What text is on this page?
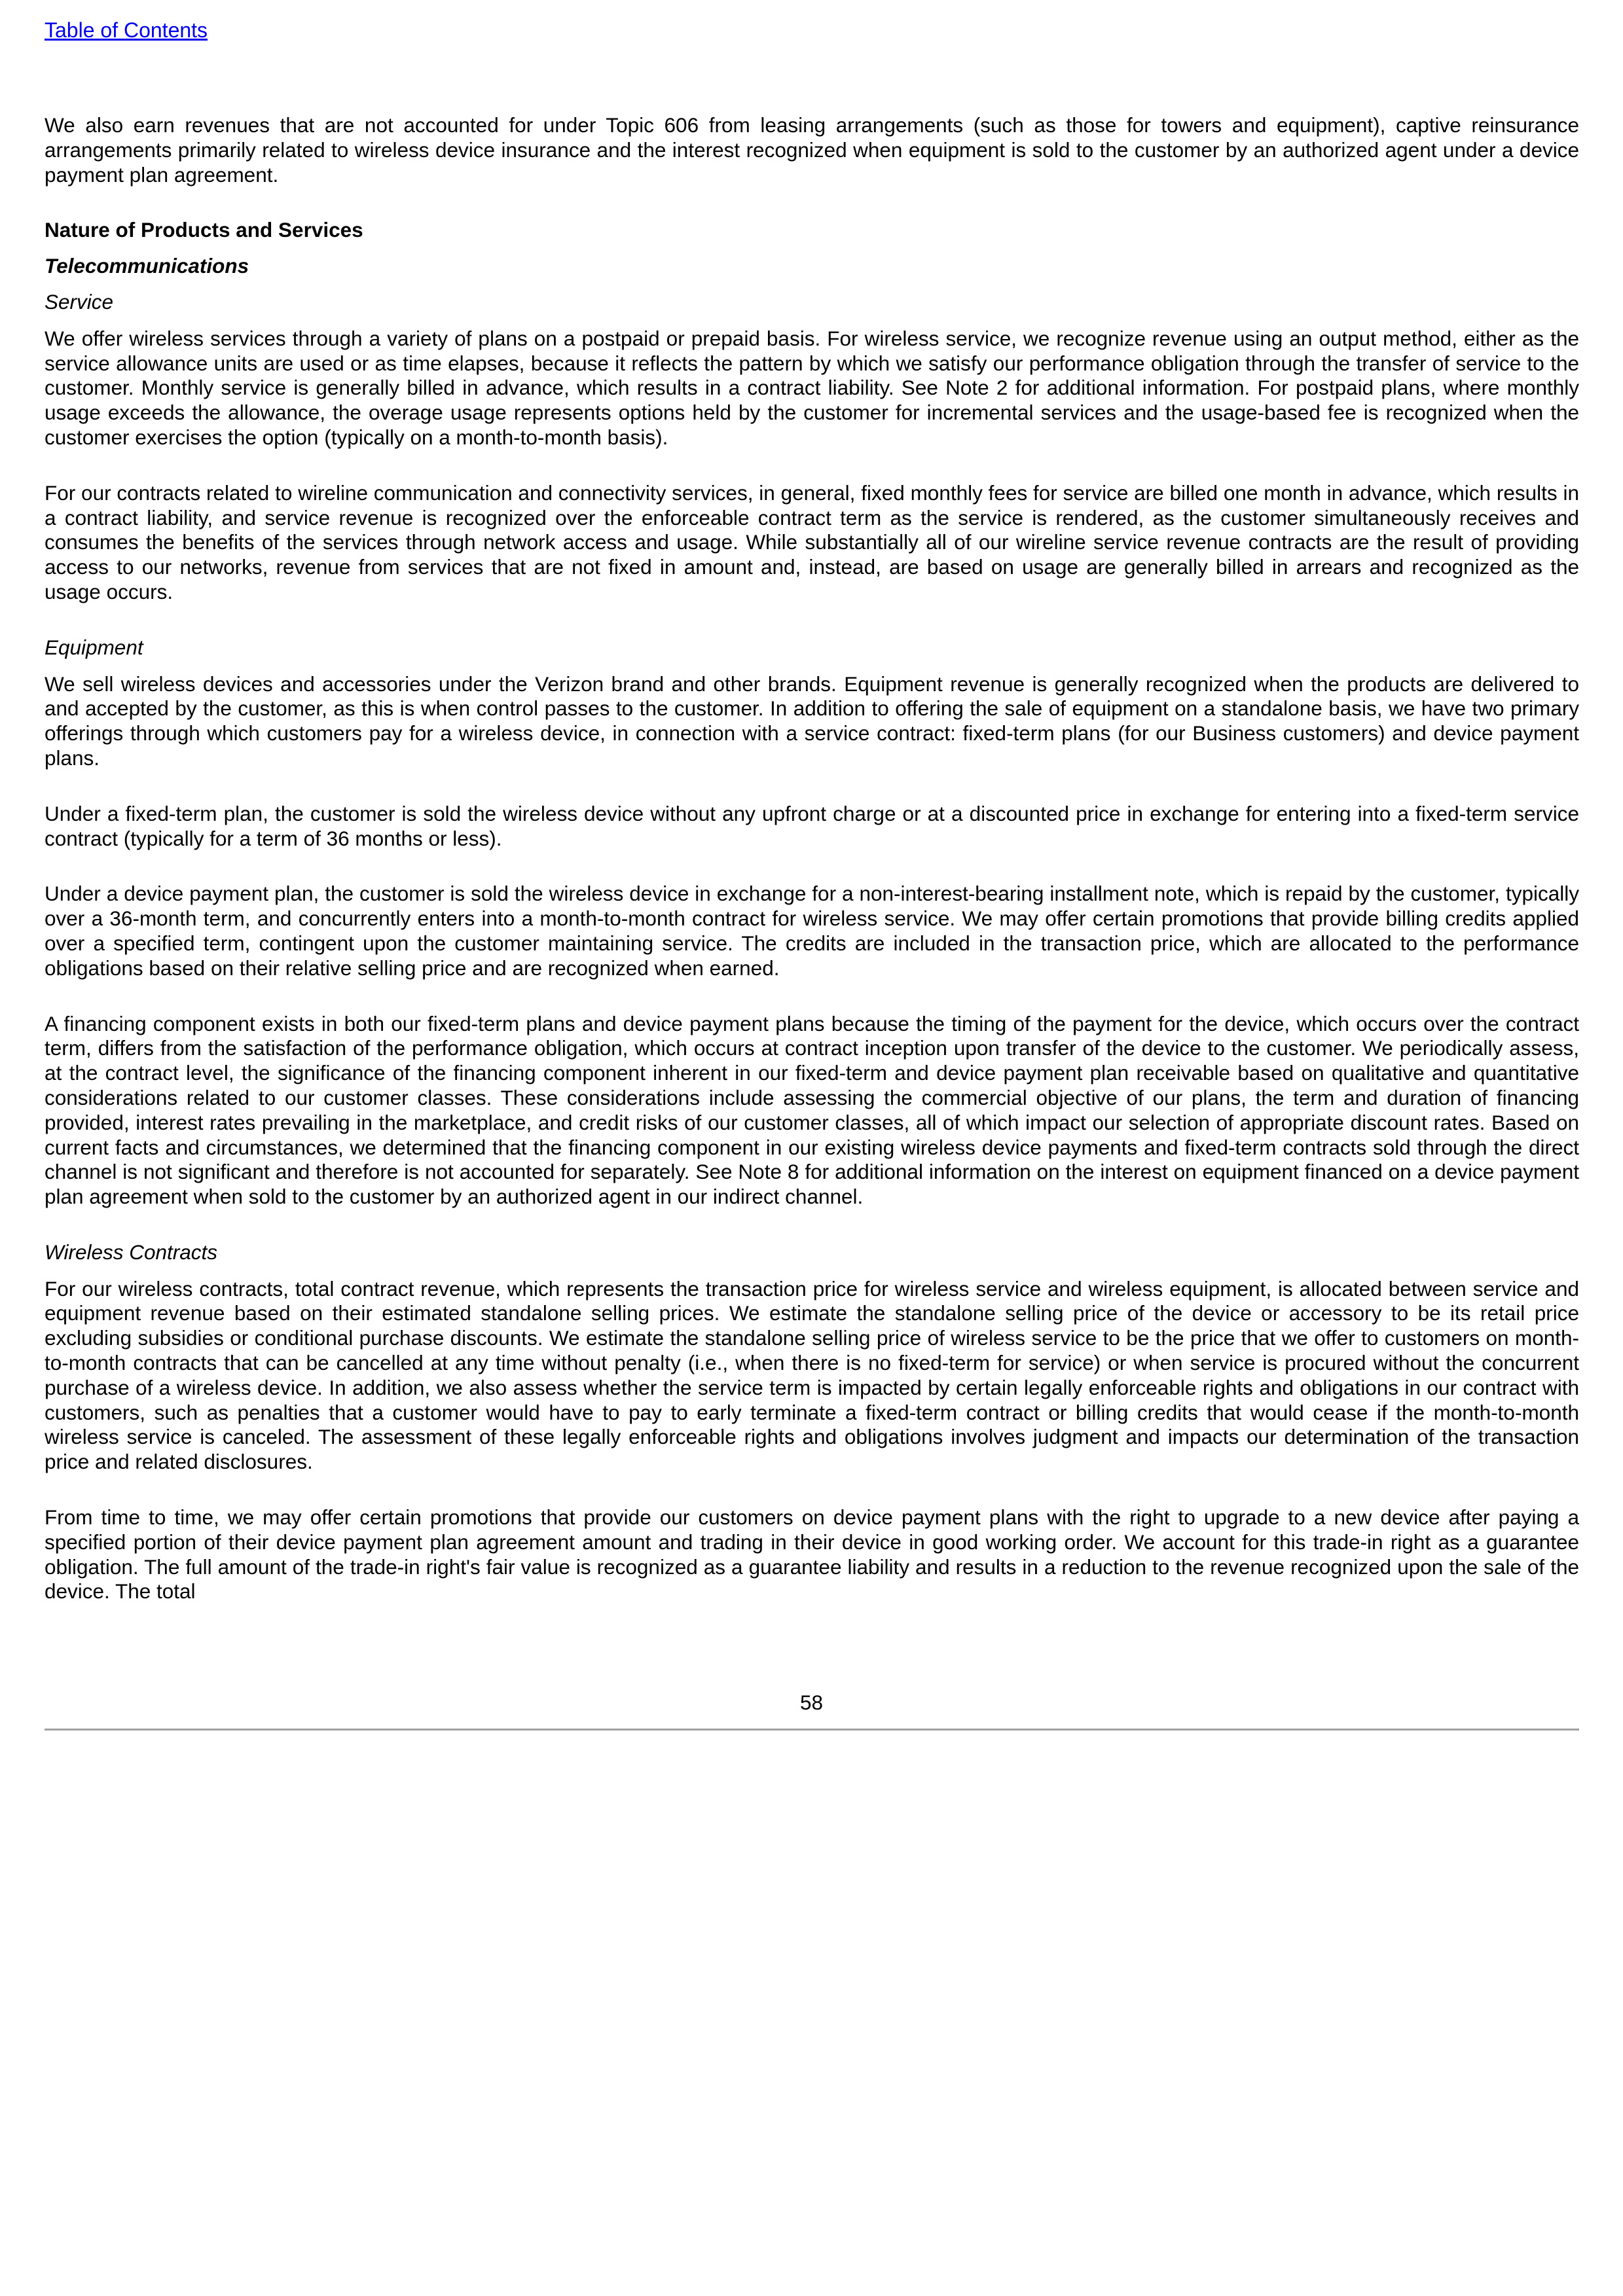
Table of Contents

We also earn revenues that are not accounted for under Topic 606 from leasing arrangements (such as those for towers and equipment), captive reinsurance arrangements primarily related to wireless device insurance and the interest recognized when equipment is sold to the customer by an authorized agent under a device payment plan agreement.

Nature of Products and Services

Telecommunications

Service

We offer wireless services through a variety of plans on a postpaid or prepaid basis. For wireless service, we recognize revenue using an output method, either as the service allowance units are used or as time elapses, because it reflects the pattern by which we satisfy our performance obligation through the transfer of service to the customer. Monthly service is generally billed in advance, which results in a contract liability. See Note 2 for additional information. For postpaid plans, where monthly usage exceeds the allowance, the overage usage represents options held by the customer for incremental services and the usage-based fee is recognized when the customer exercises the option (typically on a month-to-month basis).

For our contracts related to wireline communication and connectivity services, in general, fixed monthly fees for service are billed one month in advance, which results in a contract liability, and service revenue is recognized over the enforceable contract term as the service is rendered, as the customer simultaneously receives and consumes the benefits of the services through network access and usage. While substantially all of our wireline service revenue contracts are the result of providing access to our networks, revenue from services that are not fixed in amount and, instead, are based on usage are generally billed in arrears and recognized as the usage occurs.

Equipment

We sell wireless devices and accessories under the Verizon brand and other brands. Equipment revenue is generally recognized when the products are delivered to and accepted by the customer, as this is when control passes to the customer. In addition to offering the sale of equipment on a standalone basis, we have two primary offerings through which customers pay for a wireless device, in connection with a service contract: fixed-term plans (for our Business customers) and device payment plans.

Under a fixed-term plan, the customer is sold the wireless device without any upfront charge or at a discounted price in exchange for entering into a fixed-term service contract (typically for a term of 36 months or less).

Under a device payment plan, the customer is sold the wireless device in exchange for a non-interest-bearing installment note, which is repaid by the customer, typically over a 36-month term, and concurrently enters into a month-to-month contract for wireless service. We may offer certain promotions that provide billing credits applied over a specified term, contingent upon the customer maintaining service. The credits are included in the transaction price, which are allocated to the performance obligations based on their relative selling price and are recognized when earned.

A financing component exists in both our fixed-term plans and device payment plans because the timing of the payment for the device, which occurs over the contract term, differs from the satisfaction of the performance obligation, which occurs at contract inception upon transfer of the device to the customer. We periodically assess, at the contract level, the significance of the financing component inherent in our fixed-term and device payment plan receivable based on qualitative and quantitative considerations related to our customer classes. These considerations include assessing the commercial objective of our plans, the term and duration of financing provided, interest rates prevailing in the marketplace, and credit risks of our customer classes, all of which impact our selection of appropriate discount rates. Based on current facts and circumstances, we determined that the financing component in our existing wireless device payments and fixed-term contracts sold through the direct channel is not significant and therefore is not accounted for separately. See Note 8 for additional information on the interest on equipment financed on a device payment plan agreement when sold to the customer by an authorized agent in our indirect channel.

Wireless Contracts

For our wireless contracts, total contract revenue, which represents the transaction price for wireless service and wireless equipment, is allocated between service and equipment revenue based on their estimated standalone selling prices. We estimate the standalone selling price of the device or accessory to be its retail price excluding subsidies or conditional purchase discounts. We estimate the standalone selling price of wireless service to be the price that we offer to customers on month-to-month contracts that can be cancelled at any time without penalty (i.e., when there is no fixed-term for service) or when service is procured without the concurrent purchase of a wireless device. In addition, we also assess whether the service term is impacted by certain legally enforceable rights and obligations in our contract with customers, such as penalties that a customer would have to pay to early terminate a fixed-term contract or billing credits that would cease if the month-to-month wireless service is canceled. The assessment of these legally enforceable rights and obligations involves judgment and impacts our determination of the transaction price and related disclosures.

From time to time, we may offer certain promotions that provide our customers on device payment plans with the right to upgrade to a new device after paying a specified portion of their device payment plan agreement amount and trading in their device in good working order. We account for this trade-in right as a guarantee obligation. The full amount of the trade-in right's fair value is recognized as a guarantee liability and results in a reduction to the revenue recognized upon the sale of the device. The total

58
